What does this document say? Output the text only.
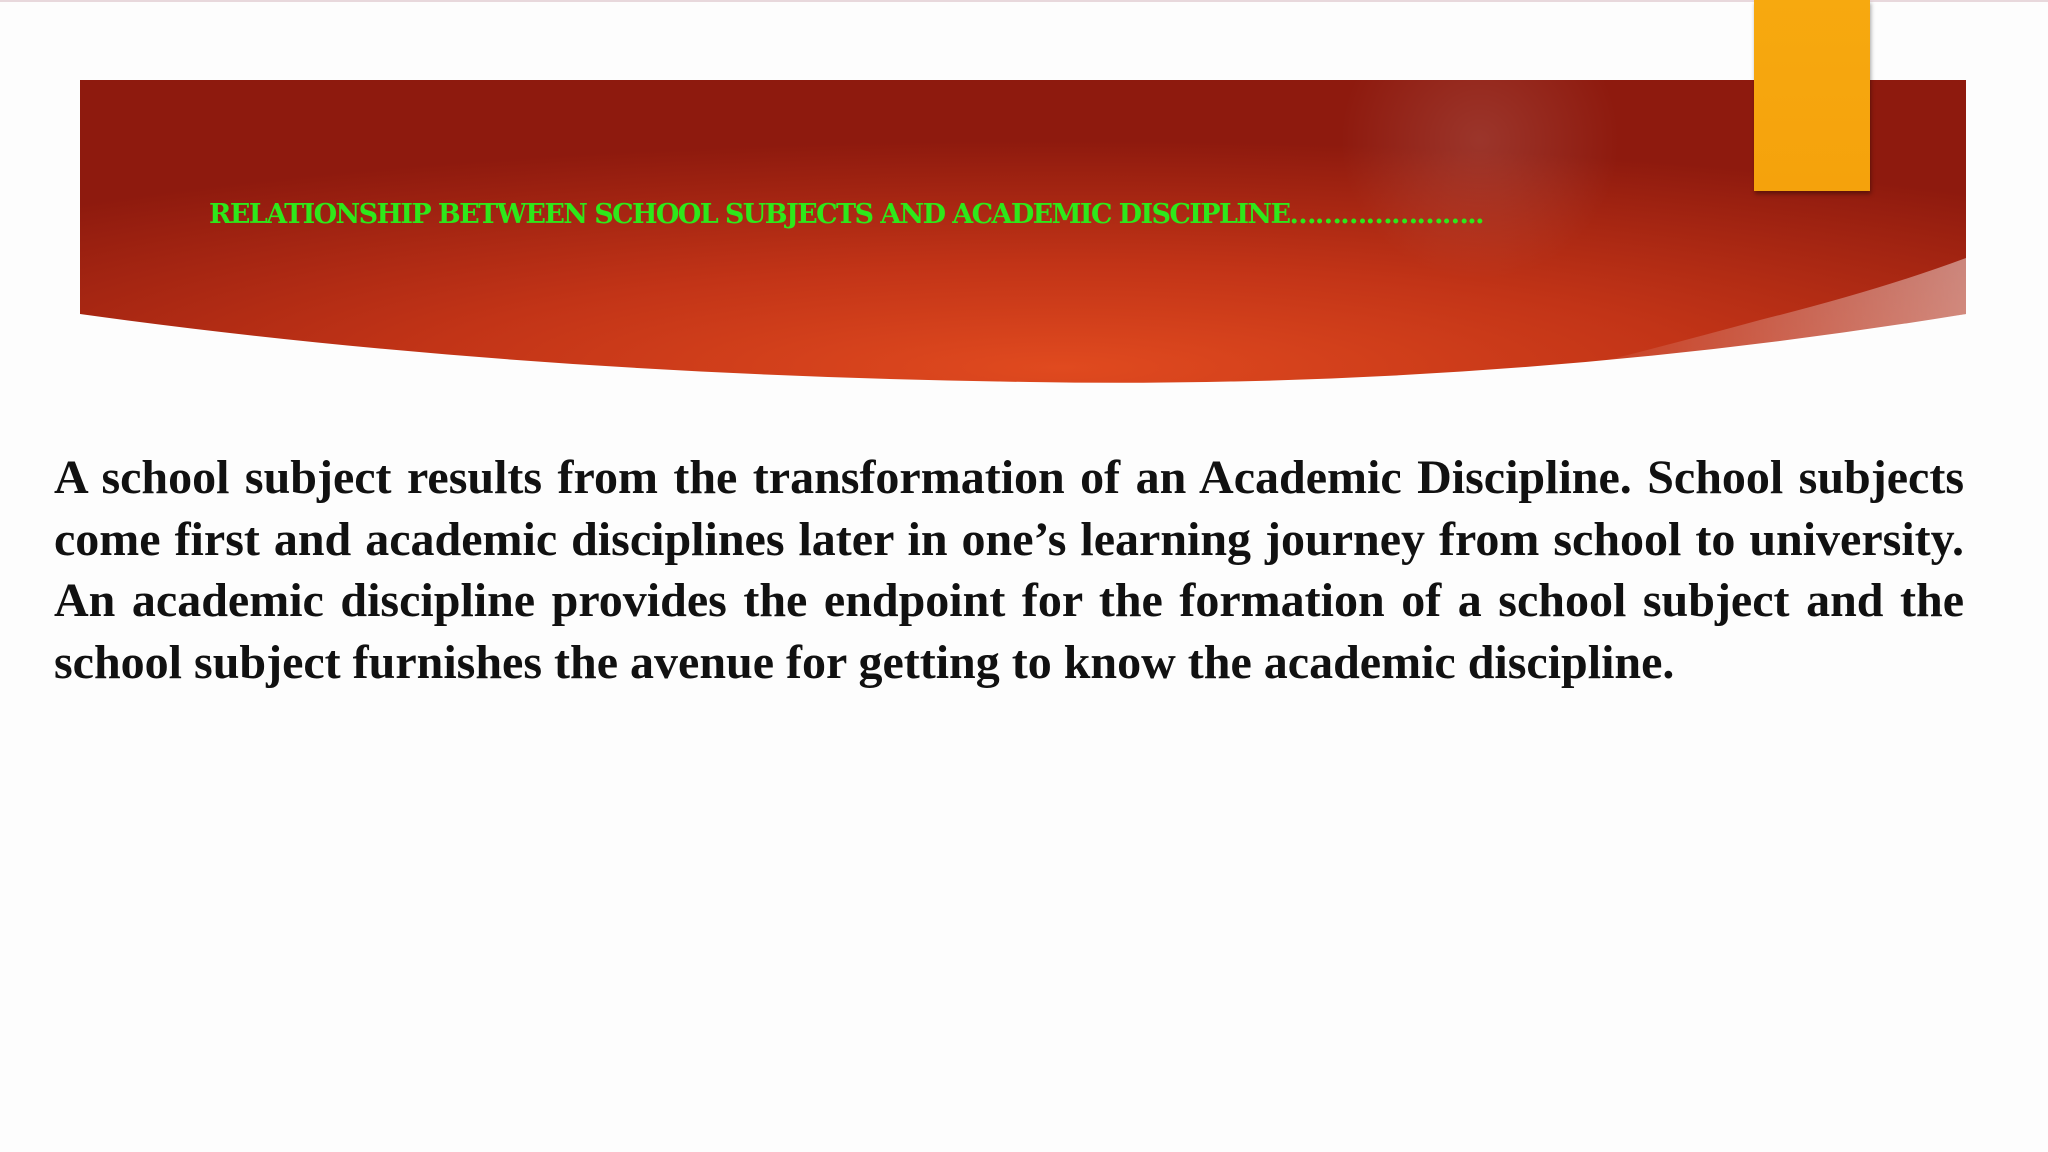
RELATIONSHIP BETWEEN SCHOOL SUBJECTS AND ACADEMIC DISCIPLINE…………………..

A school subject results from the transformation of an Academic Discipline. School subjects come first and academic disciplines later in one’s learning journey from school to university. An academic discipline provides the endpoint for the formation of a school subject and the school subject furnishes the avenue for getting to know the academic discipline.
